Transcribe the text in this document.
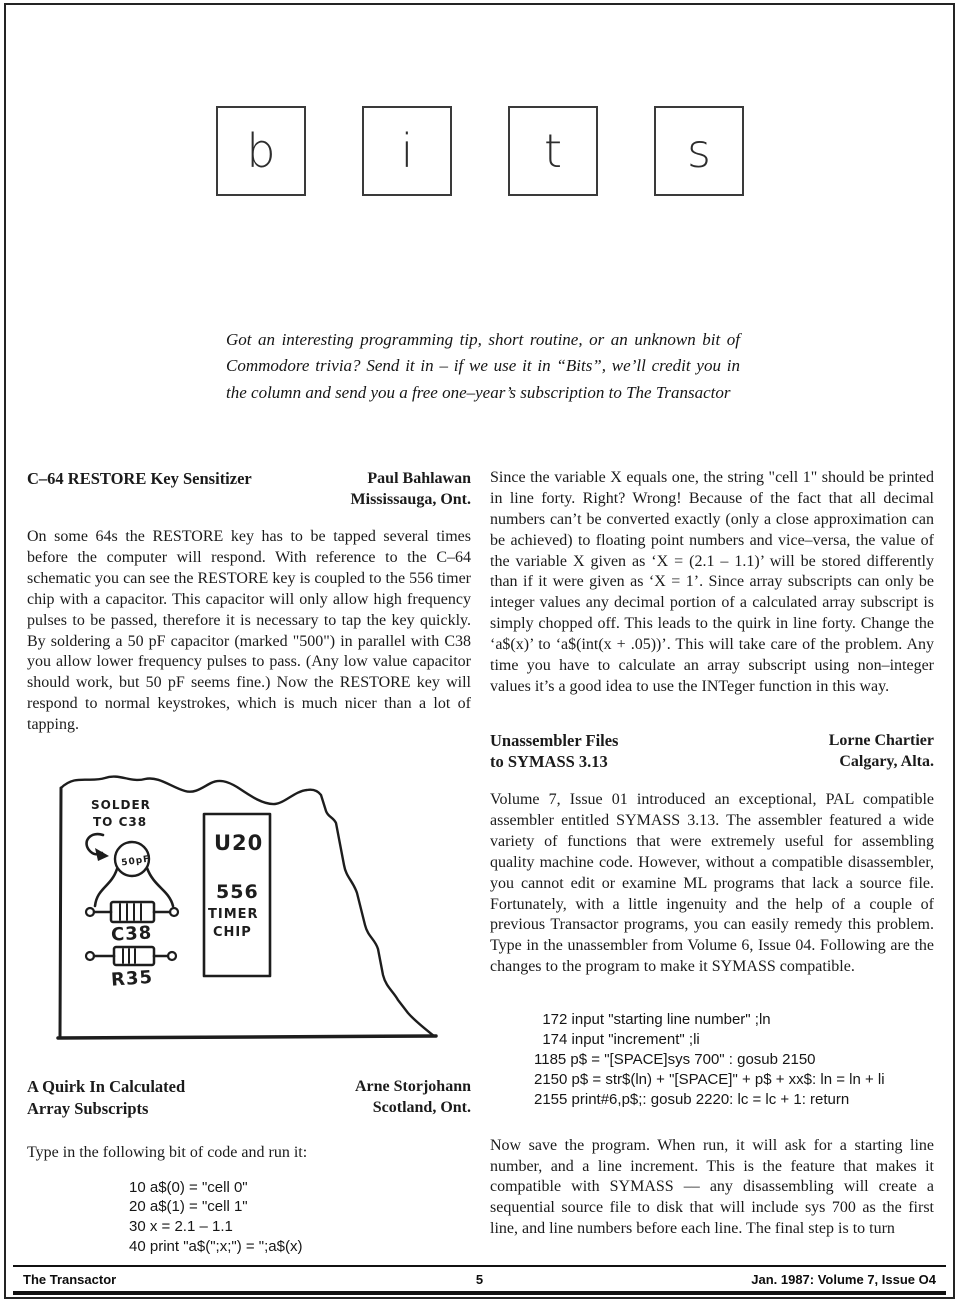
b	i	t	s
Got an interesting programming tip, short routine, or an unknown bit of Commodore trivia? Send it in – if we use it in “Bits”, we’ll credit you in the column and send you a free one–year’s subscription to The Transactor
C–64 RESTORE Key Sensitizer	Paul Bahlawan
Mississauga, Ont.
On some 64s the RESTORE key has to be tapped several times before the computer will respond. With reference to the C–64 schematic you can see the RESTORE key is coupled to the 556 timer chip with a capacitor. This capacitor will only allow high frequency pulses to be passed, therefore it is necessary to tap the key quickly. By soldering a 50 pF capacitor (marked "500") in parallel with C38 you allow lower frequency pulses to pass. (Any low value capacitor should work, but 50 pF seems fine.) Now the RESTORE key will respond to normal keystrokes, which is much nicer than a lot of tapping.
SOLDER
TO C38
50pF
C38
R35
U20
556
TIMER
CHIP
A Quirk In Calculated
Array Subscripts
Arne Storjohann
Scotland, Ont.
Type in the following bit of code and run it:
10 a$(0) = "cell 0"
20 a$(1) = "cell 1"
30 x = 2.1 – 1.1
40 print "a$(";x;") = ";a$(x)
Since the variable X equals one, the string "cell 1" should be printed in line forty. Right? Wrong! Because of the fact that all decimal numbers can’t be converted exactly (only a close approximation can be achieved) to floating point numbers and vice–versa, the value of the variable X given as ‘X = (2.1 – 1.1)’ will be stored differently than if it were given as ‘X = 1’. Since array subscripts can only be integer values any decimal portion of a calculated array subscript is simply chopped off. This leads to the quirk in line forty. Change the ‘a$(x)’ to ‘a$(int(x + .05))’. This will take care of the problem. Any time you have to calculate an array subscript using non–integer values it’s a good idea to use the INTeger function in this way.
Unassembler Files
to SYMASS 3.13
Lorne Chartier
Calgary, Alta.
Volume 7, Issue 01 introduced an exceptional, PAL compatible assembler entitled SYMASS 3.13. The assembler featured a wide variety of functions that were extremely useful for assembling quality machine code. However, without a compatible disassembler, you cannot edit or examine ML programs that lack a source file. Fortunately, with a little ingenuity and the help of a couple of previous Transactor programs, you can easily remedy this problem. Type in the unassembler from Volume 6, Issue 04. Following are the changes to the program to make it SYMASS compatible.
172 input "starting line number" ;ln
174 input "increment" ;li
1185 p$ = "[SPACE]sys 700" : gosub 2150
2150 p$ = str$(ln) + "[SPACE]" + p$ + xx$: ln = ln + li
2155 print#6,p$;: gosub 2220: lc = lc + 1: return
Now save the program. When run, it will ask for a starting line number, and a line increment. This is the feature that makes it compatible with SYMASS –– any disassembling will create a sequential source file to disk that will include sys 700 as the first line, and line numbers before each line. The final step is to turn
The Transactor	5	Jan. 1987: Volume 7, Issue O4
